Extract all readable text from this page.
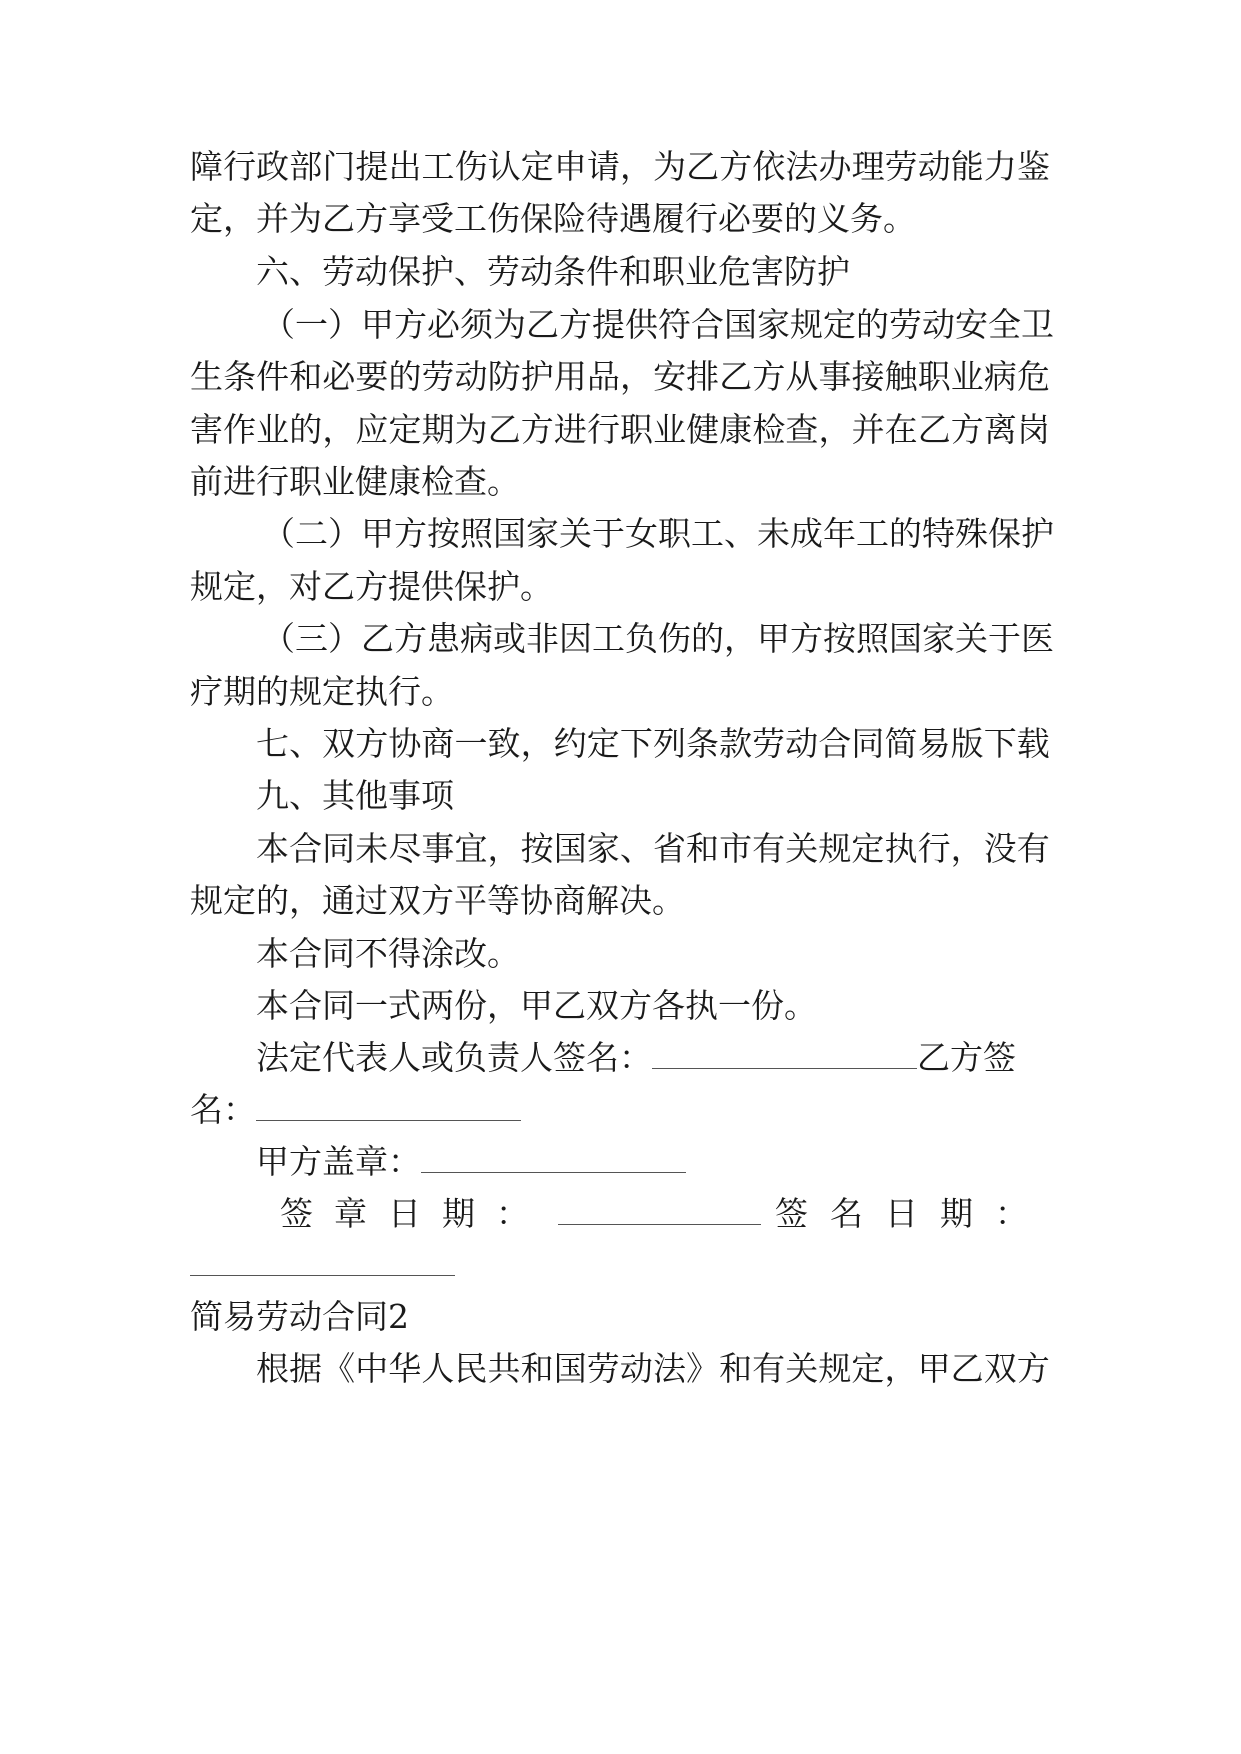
障 行 政 部 门 提 出 工 伤 认 定 申 请 ， 为 乙 方 依 法 办 理 劳 动 能 力 鉴
定，并为乙方享受工伤保险待遇履行必要的义务。
六、劳动保护、劳动条件和职业危害防护
（ 一 ） 甲 方 必 须 为 乙 方 提 供 符 合 国 家 规 定 的 劳 动 安 全 卫
生 条 件 和 必 要 的 劳 动 防 护 用 品 ， 安 排 乙 方 从 事 接 触 职 业 病 危
害 作 业 的 ， 应 定 期 为 乙 方 进 行 职 业 健 康 检 查 ， 并 在 乙 方 离 岗
前进行职业健康检查。
（ 二 ） 甲 方 按 照 国 家 关 于 女 职 工 、 未 成 年 工 的 特 殊 保 护
规定，对乙方提供保护。
（ 三 ） 乙 方 患 病 或 非 因 工 负 伤 的 ， 甲 方 按 照 国 家 关 于 医
疗期的规定执行。
七 、 双 方 协 商 一 致 ， 约 定 下 列 条 款 劳 动 合 同 简 易 版 下 载
九、其他事项
本 合 同 未 尽 事 宜 ， 按 国 家 、 省 和 市 有 关 规 定 执 行 ， 没 有
规定的，通过双方平等协商解决。
本合同不得涂改。
本合同一式两份，甲乙双方各执一份。
法定代表人或负责人签名：	乙方签
名：
甲方盖章：
签章日期：	签名日期：
简易劳动合同2
根 据 《 中 华 人 民 共 和 国 劳 动 法 》 和 有 关 规 定 ， 甲 乙 双 方
